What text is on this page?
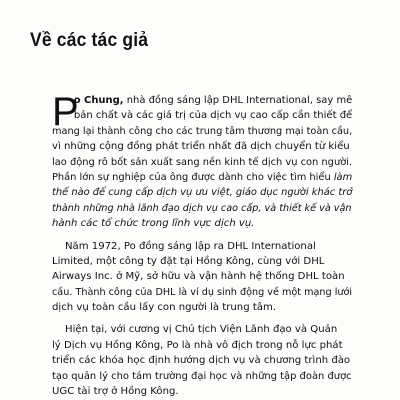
Về các tác giả
P
o Chung, nhà đồng sáng lập DHL International, say mê
bản chất và các giá trị của dịch vụ cao cấp cần thiết để
mang lại thành công cho các trung tâm thương mại toàn cầu,
vì những cộng đồng phát triển nhất đã dịch chuyển từ kiểu
lao động rô bốt sản xuất sang nền kinh tế dịch vụ con người.
Phần lớn sự nghiệp của ông được dành cho việc tìm hiểu làm
thế nào để cung cấp dịch vụ ưu việt, giáo dục người khác trở
thành những nhà lãnh đạo dịch vụ cao cấp, và thiết kế và vận
hành các tổ chức trong lĩnh vực dịch vụ.
Năm 1972, Po đồng sáng lập ra DHL International
Limited, một công ty đặt tại Hồng Kông, cùng với DHL
Airways Inc. ở Mỹ, sở hữu và vận hành hệ thống DHL toàn
cầu. Thành công của DHL là ví dụ sinh động về một mạng lưới
dịch vụ toàn cầu lấy con người là trung tâm.
Hiện tại, với cương vị Chủ tịch Viện Lãnh đạo và Quản
lý Dịch vụ Hồng Kông, Po là nhà vô địch trong nỗ lực phát
triển các khóa học định hướng dịch vụ và chương trình đào
tạo quản lý cho tám trường đại học và những tập đoàn được
UGC tài trợ ở Hồng Kông.
